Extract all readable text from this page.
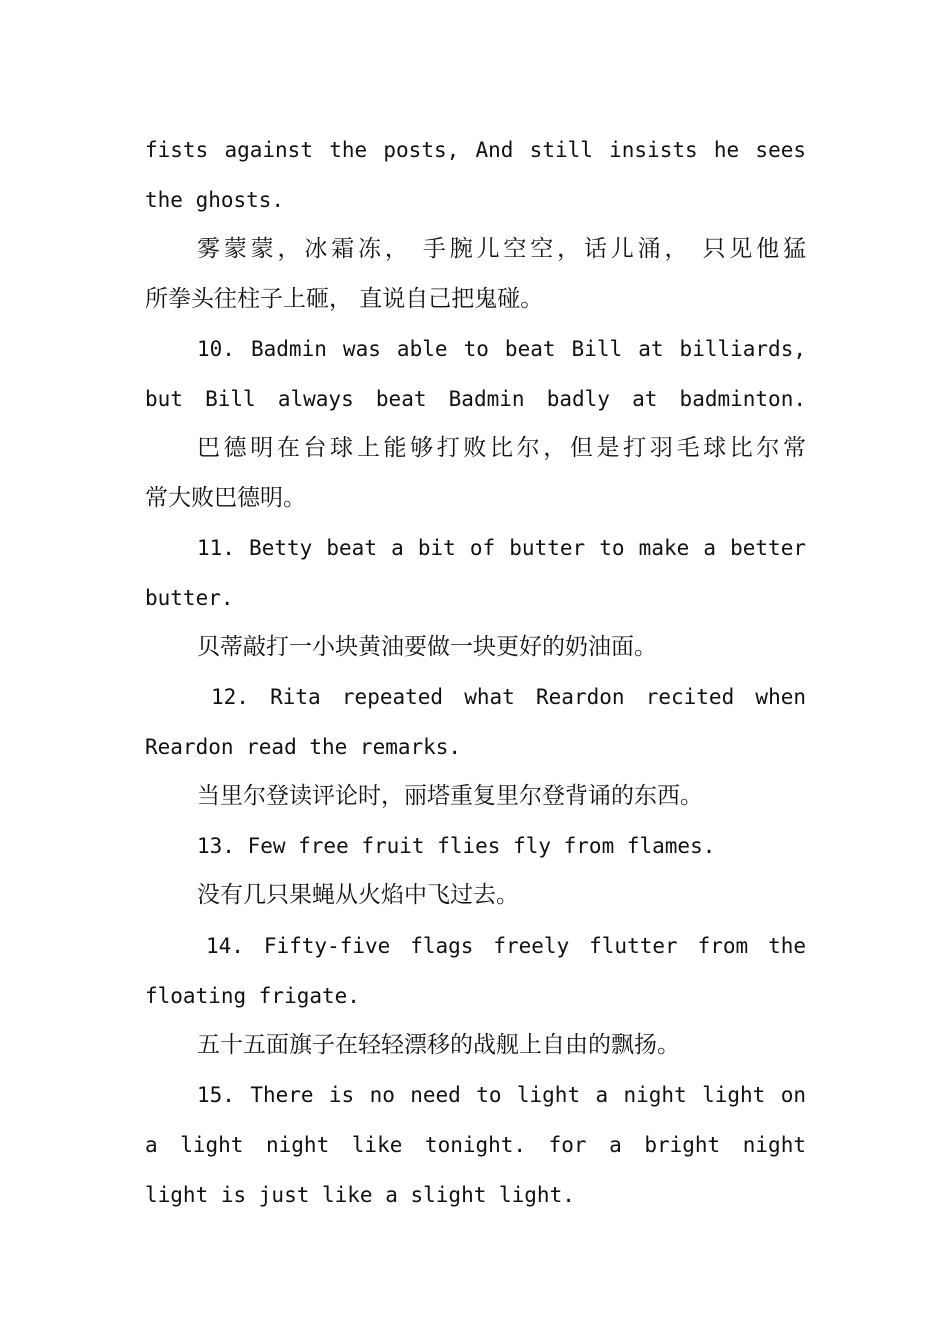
fists against the posts, And still insists he sees
the ghosts.
雾蒙蒙，冰霜冻， 手腕儿空空，话儿涌， 只见他猛
所拳头往柱子上砸， 直说自己把鬼碰。
10. Badmin was able to beat Bill at billiards,
but Bill always beat Badmin badly at badminton.
巴德明在台球上能够打败比尔，但是打羽毛球比尔常
常大败巴德明。
11. Betty beat a bit of butter to make a better
butter.
贝蒂敲打一小块黄油要做一块更好的奶油面。
12. Rita repeated what Reardon recited when
Reardon read the remarks.
当里尔登读评论时，丽塔重复里尔登背诵的东西。
13. Few free fruit flies fly from flames.
没有几只果蝇从火焰中飞过去。
14. Fifty-five flags freely flutter from the
floating frigate.
五十五面旗子在轻轻漂移的战舰上自由的飘扬。
15. There is no need to light a night light on
a light night like tonight. for a bright night
light is just like a slight light.
